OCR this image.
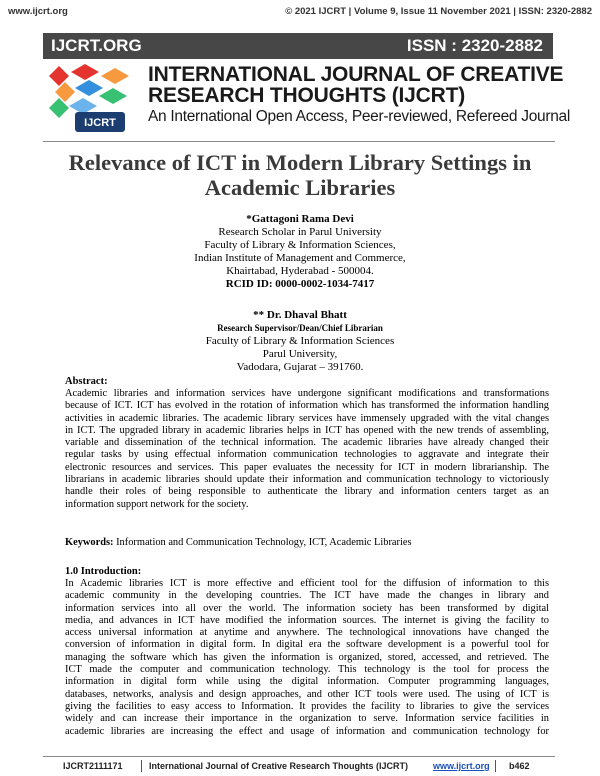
www.ijcrt.org	© 2021 IJCRT | Volume 9, Issue 11 November 2021 | ISSN: 2320-2882
IJCRT.ORG	ISSN : 2320-2882
IJCRT
INTERNATIONAL JOURNAL OF CREATIVE
RESEARCH THOUGHTS (IJCRT)
An International Open Access, Peer-reviewed, Refereed Journal
Relevance of ICT in Modern Library Settings in
Academic Libraries
*Gattagoni Rama Devi
Research Scholar in Parul University
Faculty of Library & Information Sciences,
Indian Institute of Management and Commerce,
Khairtabad, Hyderabad - 500004.
RCID ID: 0000-0002-1034-7417
** Dr. Dhaval Bhatt
Research Supervisor/Dean/Chief Librarian
Faculty of Library & Information Sciences
Parul University,
Vadodara, Gujarat – 391760.
Abstract:
Academic libraries and information services have undergone significant modifications and transformations
because of ICT. ICT has evolved in the rotation of information which has transformed the information handling
activities in academic libraries. The academic library services have immensely upgraded with the vital changes
in ICT. The upgraded library in academic libraries helps in ICT has opened with the new trends of assembling,
variable and dissemination of the technical information. The academic libraries have already changed their
regular tasks by using effectual information communication technologies to aggravate and integrate their
electronic resources and services. This paper evaluates the necessity for ICT in modern librarianship. The
librarians in academic libraries should update their information and communication technology to victoriously
handle their roles of being responsible to authenticate the library and information centers target as an
information support network for the society.
Keywords: Information and Communication Technology, ICT, Academic Libraries
1.0 Introduction:
In Academic libraries ICT is more effective and efficient tool for the diffusion of information to this
academic community in the developing countries. The ICT have made the changes in library and
information services into all over the world. The information society has been transformed by digital
media, and advances in ICT have modified the information sources. The internet is giving the facility to
access universal information at anytime and anywhere. The technological innovations have changed the
conversion of information in digital form. In digital era the software development is a powerful tool for
managing the software which has given the information is organized, stored, accessed, and retrieved. The
ICT made the computer and communication technology. This technology is the tool for process the
information in digital form while using the digital information. Computer programming languages,
databases, networks, analysis and design approaches, and other ICT tools were used. The using of ICT is
giving the facilities to easy access to Information. It provides the facility to libraries to give the services
widely and can increase their importance in the organization to serve. Information service facilities in
academic libraries are increasing the effect and usage of information and communication technology for
IJCRT2111171	International Journal of Creative Research Thoughts (IJCRT)	www.ijcrt.org b462
